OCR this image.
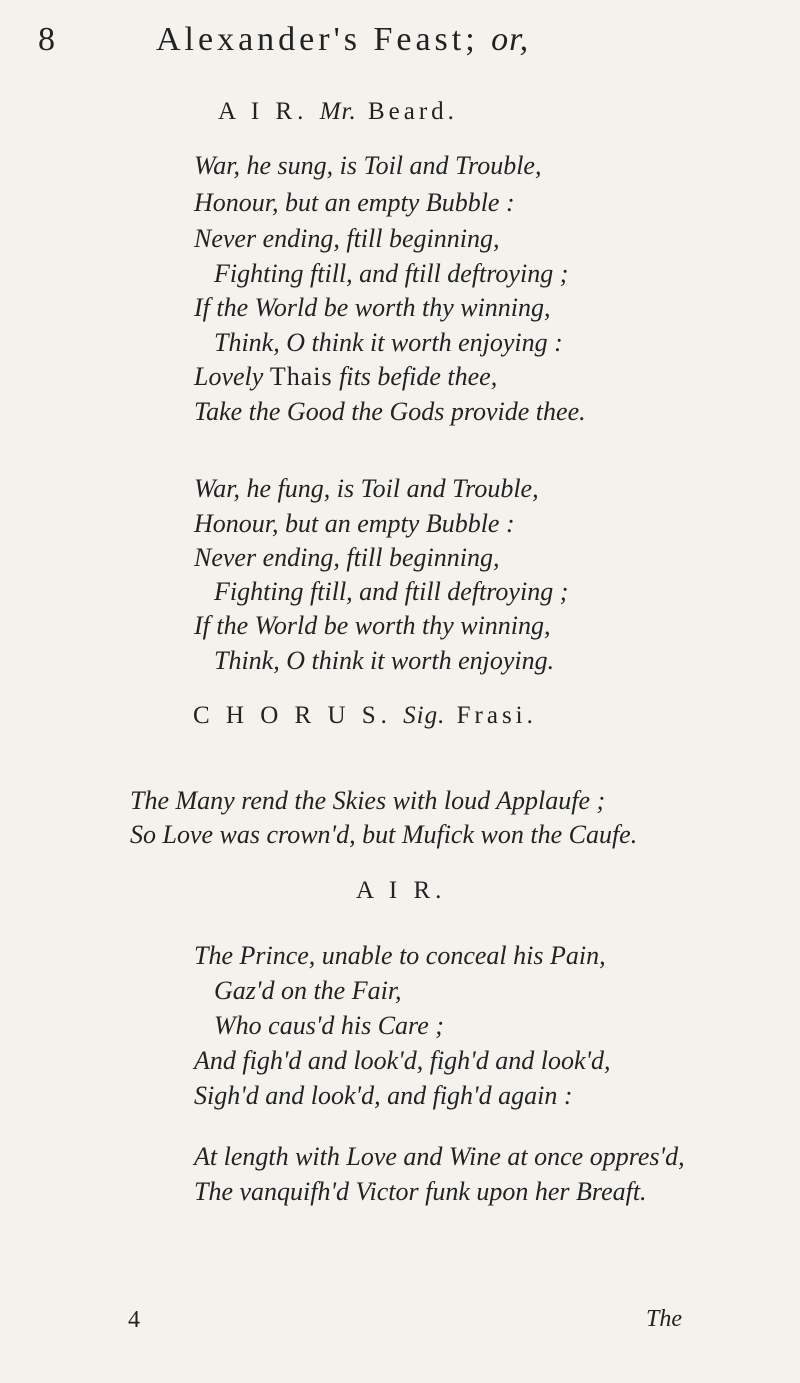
8	Alexander's Feast; or,
A I R. Mr. Beard.
War, he sung, is Toil and Trouble,
Honour, but an empty Bubble :
Never ending, ftill beginning,
Fighting ftill, and ftill deftroying ;
If the World be worth thy winning,
Think, O think it worth enjoying :
Lovely Thais fits befide thee,
Take the Good the Gods provide thee.
War, he fung, is Toil and Trouble,
Honour, but an empty Bubble :
Never ending, ftill beginning,
Fighting ftill, and ftill deftroying ;
If the World be worth thy winning,
Think, O think it worth enjoying.
C H O R U S. Sig. Frasi.
The Many rend the Skies with loud Applaufe ;
So Love was crown'd, but Mufick won the Caufe.
A I R.
The Prince, unable to conceal his Pain,
Gaz'd on the Fair,
Who caus'd his Care ;
And figh'd and look'd, figh'd and look'd,
Sigh'd and look'd, and figh'd again :
At length with Love and Wine at once oppres'd,
The vanquifh'd Victor funk upon her Breaft.
4	The
